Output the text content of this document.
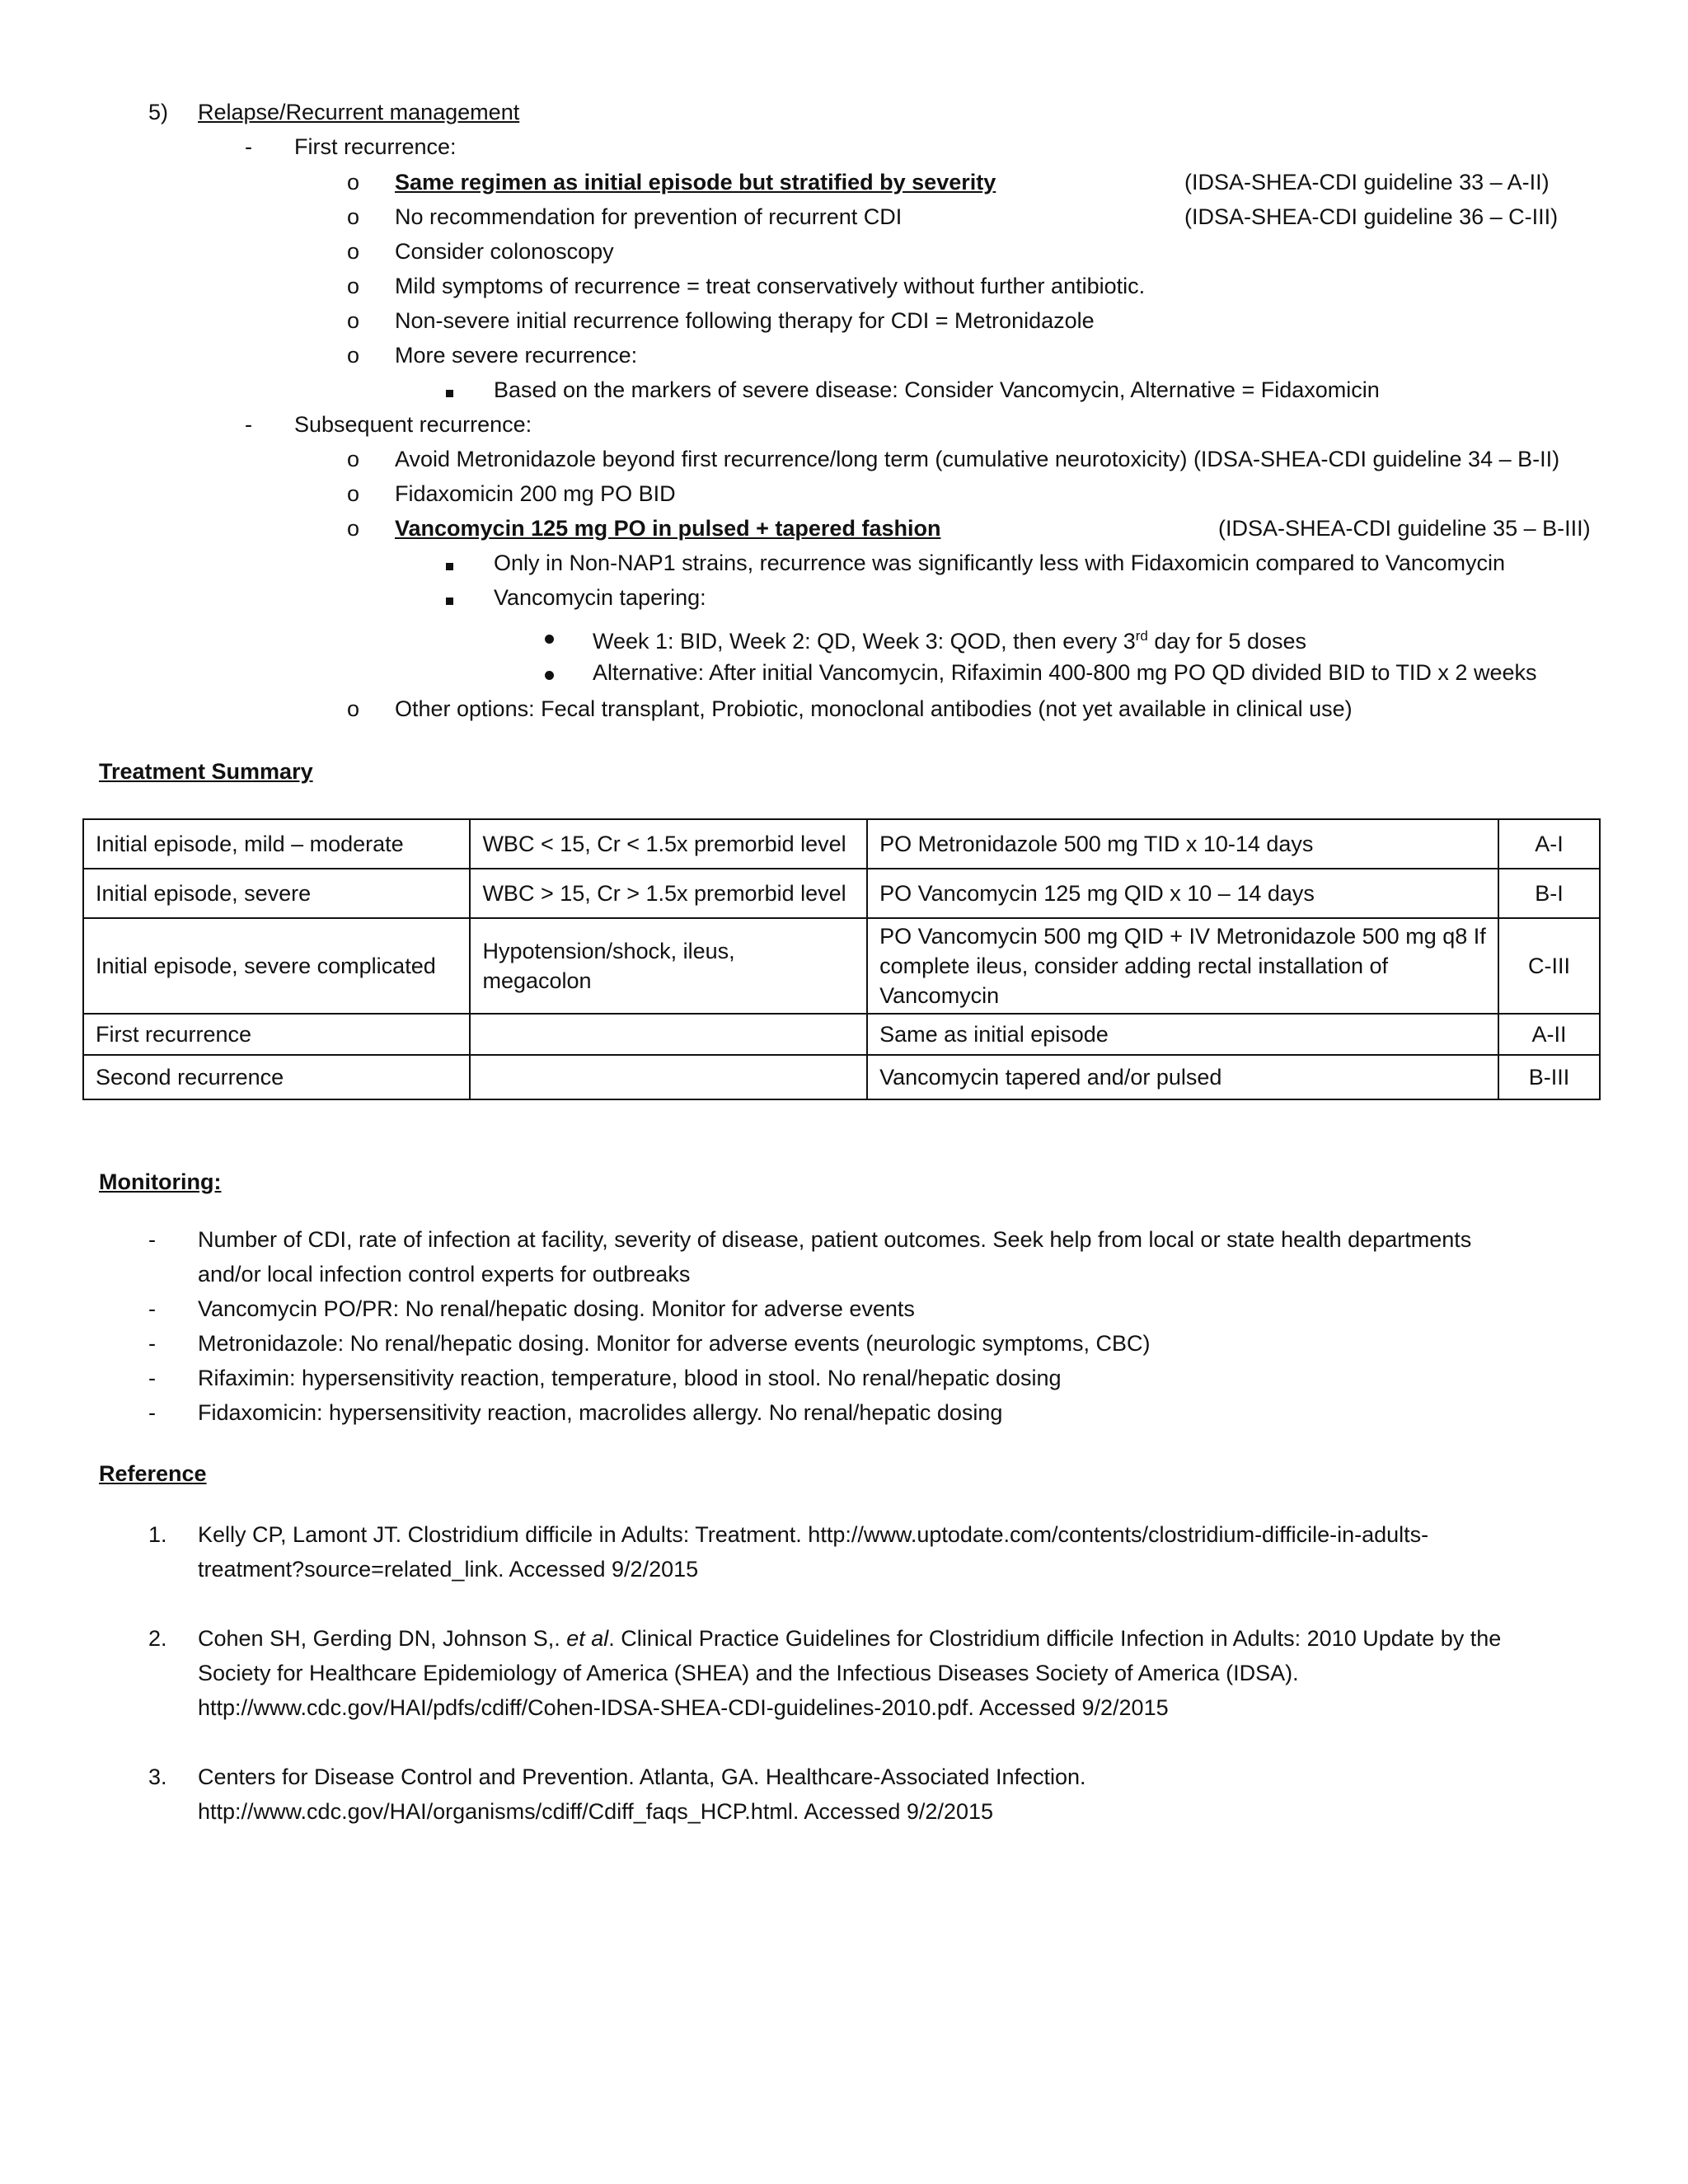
5) Relapse/Recurrent management
- First recurrence:
o Same regimen as initial episode but stratified by severity	(IDSA-SHEA-CDI guideline 33 – A-II)
o No recommendation for prevention of recurrent CDI	(IDSA-SHEA-CDI guideline 36 – C-III)
o Consider colonoscopy
o Mild symptoms of recurrence = treat conservatively without further antibiotic.
o Non-severe initial recurrence following therapy for CDI = Metronidazole
o More severe recurrence:
Based on the markers of severe disease: Consider Vancomycin, Alternative = Fidaxomicin
- Subsequent recurrence:
o Avoid Metronidazole beyond first recurrence/long term (cumulative neurotoxicity) (IDSA-SHEA-CDI guideline 34 – B-II)
o Fidaxomicin 200 mg PO BID
o Vancomycin 125 mg PO in pulsed + tapered fashion	(IDSA-SHEA-CDI guideline 35 – B-III)
Only in Non-NAP1 strains, recurrence was significantly less with Fidaxomicin compared to Vancomycin
Vancomycin tapering:
Week 1: BID, Week 2: QD, Week 3: QOD, then every 3rd day for 5 doses
Alternative: After initial Vancomycin, Rifaximin 400-800 mg PO QD divided BID to TID x 2 weeks
o Other options: Fecal transplant, Probiotic, monoclonal antibodies (not yet available in clinical use)
Treatment Summary
Initial episode, mild – moderate	WBC < 15, Cr < 1.5x premorbid level	PO Metronidazole 500 mg TID x 10-14 days	A-I
Initial episode, severe	WBC > 15, Cr > 1.5x premorbid level	PO Vancomycin 125 mg QID x 10 – 14 days	B-I
Initial episode, severe complicated	Hypotension/shock, ileus, megacolon	PO Vancomycin 500 mg QID + IV Metronidazole 500 mg q8 If complete ileus, consider adding rectal installation of Vancomycin	C-III
First recurrence		Same as initial episode	A-II
Second recurrence		Vancomycin tapered and/or pulsed	B-III
Monitoring:
- Number of CDI, rate of infection at facility, severity of disease, patient outcomes. Seek help from local or state health departments
and/or local infection control experts for outbreaks
- Vancomycin PO/PR: No renal/hepatic dosing. Monitor for adverse events
- Metronidazole: No renal/hepatic dosing. Monitor for adverse events (neurologic symptoms, CBC)
- Rifaximin: hypersensitivity reaction, temperature, blood in stool. No renal/hepatic dosing
- Fidaxomicin: hypersensitivity reaction, macrolides allergy. No renal/hepatic dosing
Reference
1. Kelly CP, Lamont JT. Clostridium difficile in Adults: Treatment. http://www.uptodate.com/contents/clostridium-difficile-in-adults-
treatment?source=related_link. Accessed 9/2/2015
2. Cohen SH, Gerding DN, Johnson S,. et al. Clinical Practice Guidelines for Clostridium difficile Infection in Adults: 2010 Update by the
Society for Healthcare Epidemiology of America (SHEA) and the Infectious Diseases Society of America (IDSA).
http://www.cdc.gov/HAI/pdfs/cdiff/Cohen-IDSA-SHEA-CDI-guidelines-2010.pdf. Accessed 9/2/2015
3. Centers for Disease Control and Prevention. Atlanta, GA. Healthcare-Associated Infection.
http://www.cdc.gov/HAI/organisms/cdiff/Cdiff_faqs_HCP.html. Accessed 9/2/2015
